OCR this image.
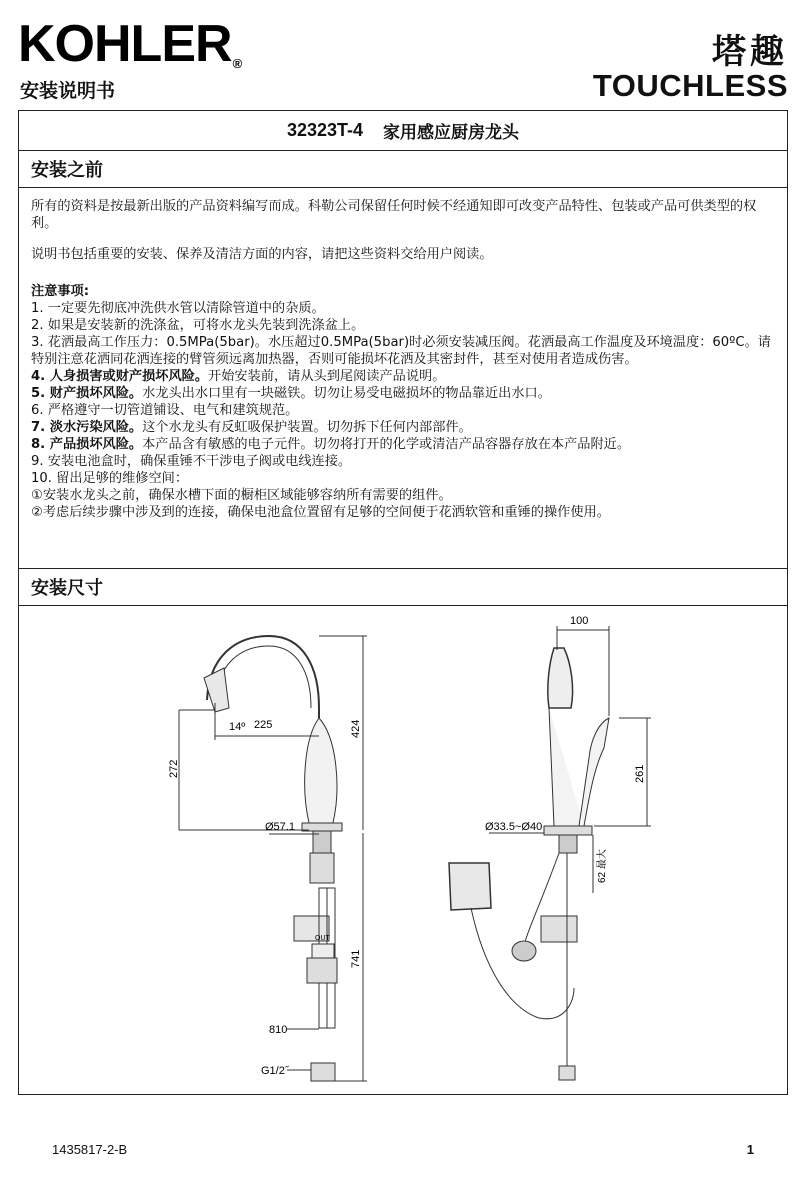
KOHLER®
安装说明书
塔趣
TOUCHLESS
32323T-4 家用感应厨房龙头
安装之前

所有的资料是按最新出版的产品资料编写而成。科勒公司保留任何时候不经通知即可改变产品特性、包装或产品可供类型的权利。

说明书包括重要的安装、保养及清洁方面的内容，请把这些资料交给用户阅读。

注意事项:
1. 一定要先彻底冲洗供水管以清除管道中的杂质。
2. 如果是安装新的洗涤盆，可将水龙头先装到洗涤盆上。
3. 花洒最高工作压力：0.5MPa(5bar)。水压超过0.5MPa(5bar)时必须安装减压阀。花洒最高工作温度及环境温度：60ºC。请特别注意花洒同花洒连接的臂管须远离加热器，否则可能损坏花洒及其密封件，甚至对使用者造成伤害。
4. 人身损害或财产损坏风险。开始安装前，请从头到尾阅读产品说明。
5. 财产损坏风险。水龙头出水口里有一块磁铁。切勿让易受电磁损坏的物品靠近出水口。
6. 严格遵守一切管道铺设、电气和建筑规范。
7. 淡水污染风险。这个水龙头有反虹吸保护装置。切勿拆下任何内部部件。
8. 产品损坏风险。本产品含有敏感的电子元件。切勿将打开的化学或清洁产品容器存放在本产品附近。
9. 安装电池盒时，确保重锤不干涉电子阀或电线连接。
10. 留出足够的维修空间：
①安装水龙头之前，确保水槽下面的橱柜区域能够容纳所有需要的组件。
②考虑后续步骤中涉及到的连接，确保电池盒位置留有足够的空间便于花洒软管和重锤的操作使用。
安装尺寸
14º 225
272
424
Ø57.1
741
810
G1/2˝
OUT
100
261
Ø33.5~Ø40
62 最大
1435817-2-B	1
